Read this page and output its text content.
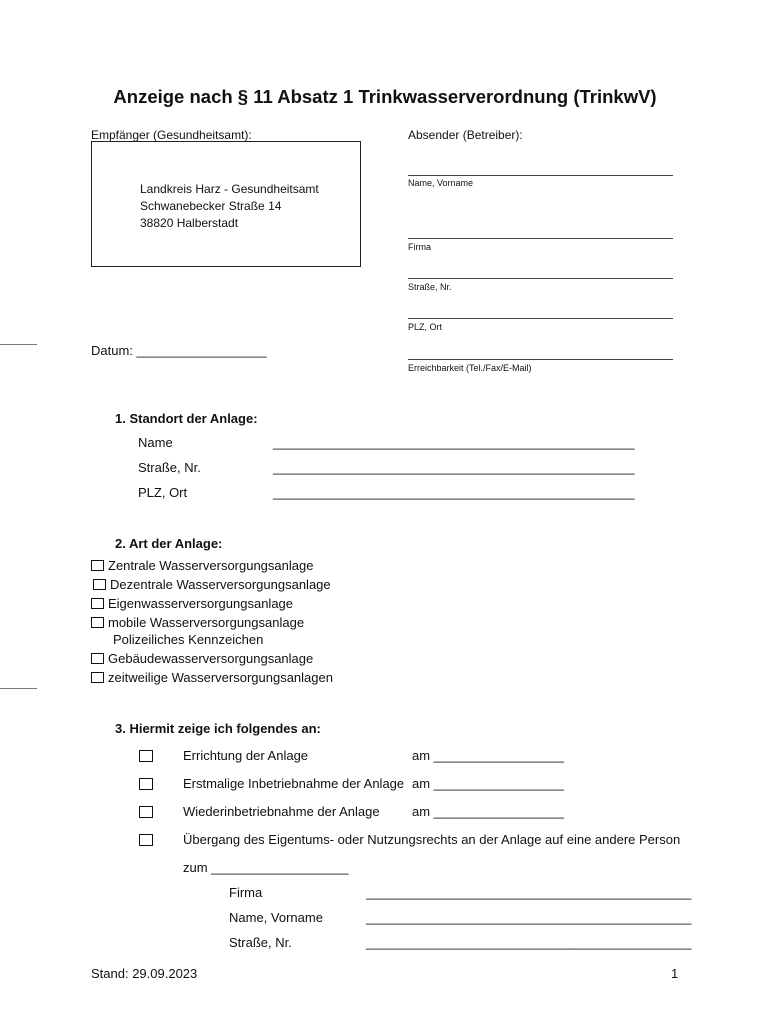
Anzeige nach § 11 Absatz 1 Trinkwasserverordnung (TrinkwV)
Empfänger (Gesundheitsamt):
Landkreis Harz - Gesundheitsamt
Schwanebecker Straße 14
38820 Halberstadt
Absender (Betreiber):
Name, Vorname
Firma
Straße, Nr.
PLZ, Ort
Erreichbarkeit (Tel./Fax/E-Mail)
Datum: __________________
1. Standort der Anlage:
Name	__________________________________________________
Straße, Nr.	__________________________________________________
PLZ, Ort	__________________________________________________
2. Art der Anlage:
Zentrale Wasserversorgungsanlage
Dezentrale Wasserversorgungsanlage
Eigenwasserversorgungsanlage
mobile Wasserversorgungsanlage
Polizeiliches Kennzeichen
Gebäudewasserversorgungsanlage
zeitweilige Wasserversorgungsanlagen
3. Hiermit zeige ich folgendes an:
Errichtung der Anlage	am __________________
Erstmalige Inbetriebnahme der Anlage am __________________
Wiederinbetriebnahme der Anlage am __________________
Übergang des Eigentums- oder Nutzungsrechts an der Anlage auf eine andere Person
zum ___________________
Firma	_____________________________________________
Name, Vorname	_____________________________________________
Straße, Nr.	_____________________________________________
Stand: 29.09.2023	1
